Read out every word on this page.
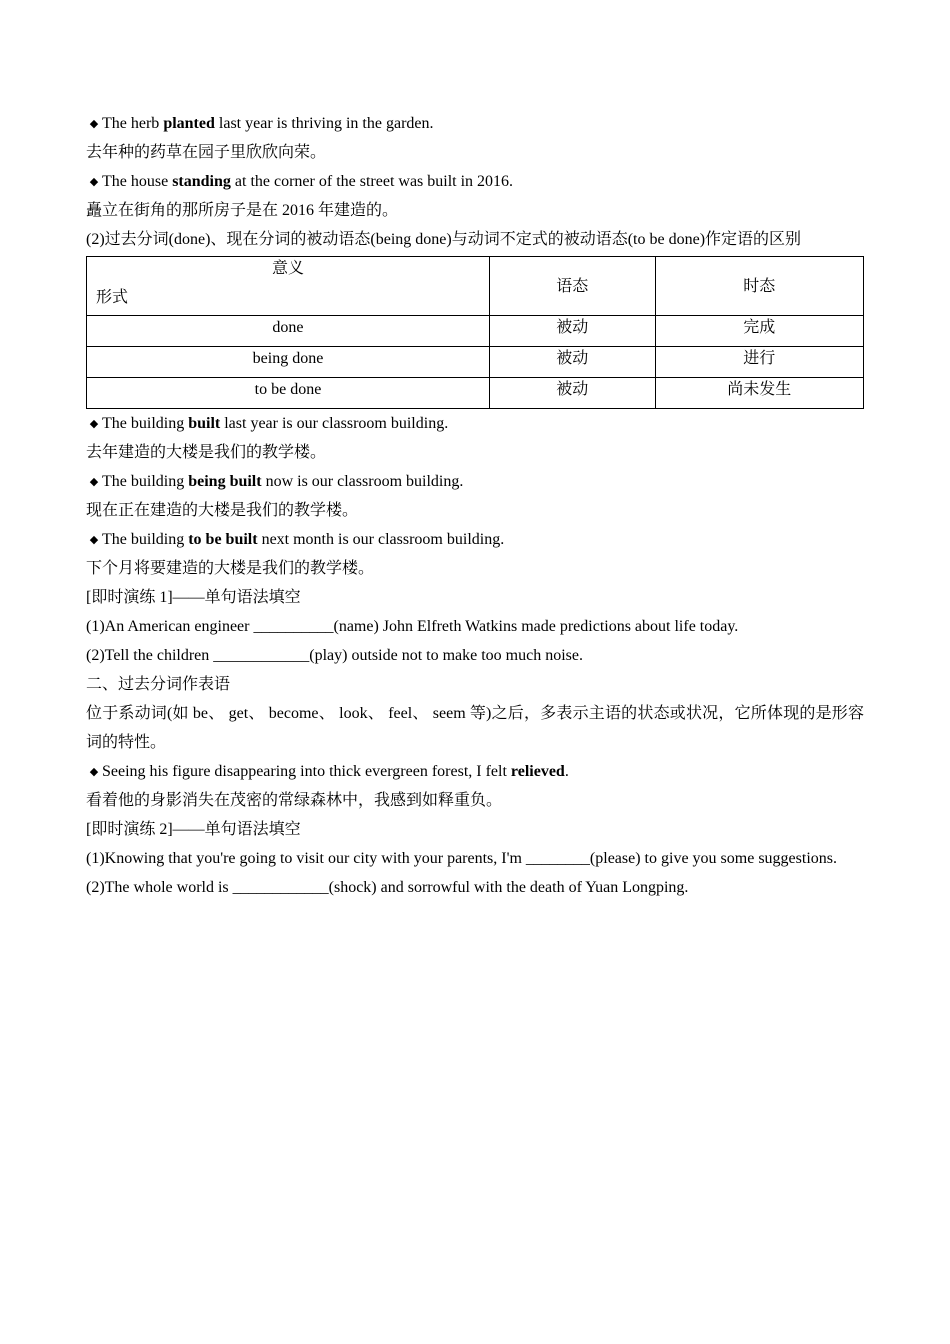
◆ The herb planted last year is thriving in the garden.
去年种的药草在园子里欣欣向荣。
◆ The house standing at the corner of the street was built in 2016.
矗立在街角的那所房子是在 2016 年建造的。
(2)过去分词(done)、现在分词的被动语态(being done)与动词不定式的被动语态(to be done)作定语的区别
意义
形式	语态	时态
done	被动	完成
being done	被动	进行
to be done	被动	尚未发生
◆ The building built last year is our classroom building.
去年建造的大楼是我们的教学楼。
◆ The building being built now is our classroom building.
现在正在建造的大楼是我们的教学楼。
◆ The building to be built next month is our classroom building.
下个月将要建造的大楼是我们的教学楼。
[即时演练 1]——单句语法填空
(1)An American engineer __________(name) John Elfreth Watkins made predictions about life today.
(2)Tell the children ____________(play) outside not to make too much noise.
二、过去分词作表语
位于系动词(如 be、 get、 become、 look、 feel、 seem 等)之后，多表示主语的状态或状况，它所体现的是形容词的特性。
◆ Seeing his figure disappearing into thick evergreen forest, I felt relieved.
看着他的身影消失在茂密的常绿森林中，我感到如释重负。
[即时演练 2]——单句语法填空
(1)Knowing that you're going to visit our city with your parents, I'm ________(please) to give you some suggestions.
(2)The whole world is ____________(shock) and sorrowful with the death of Yuan Longping.
